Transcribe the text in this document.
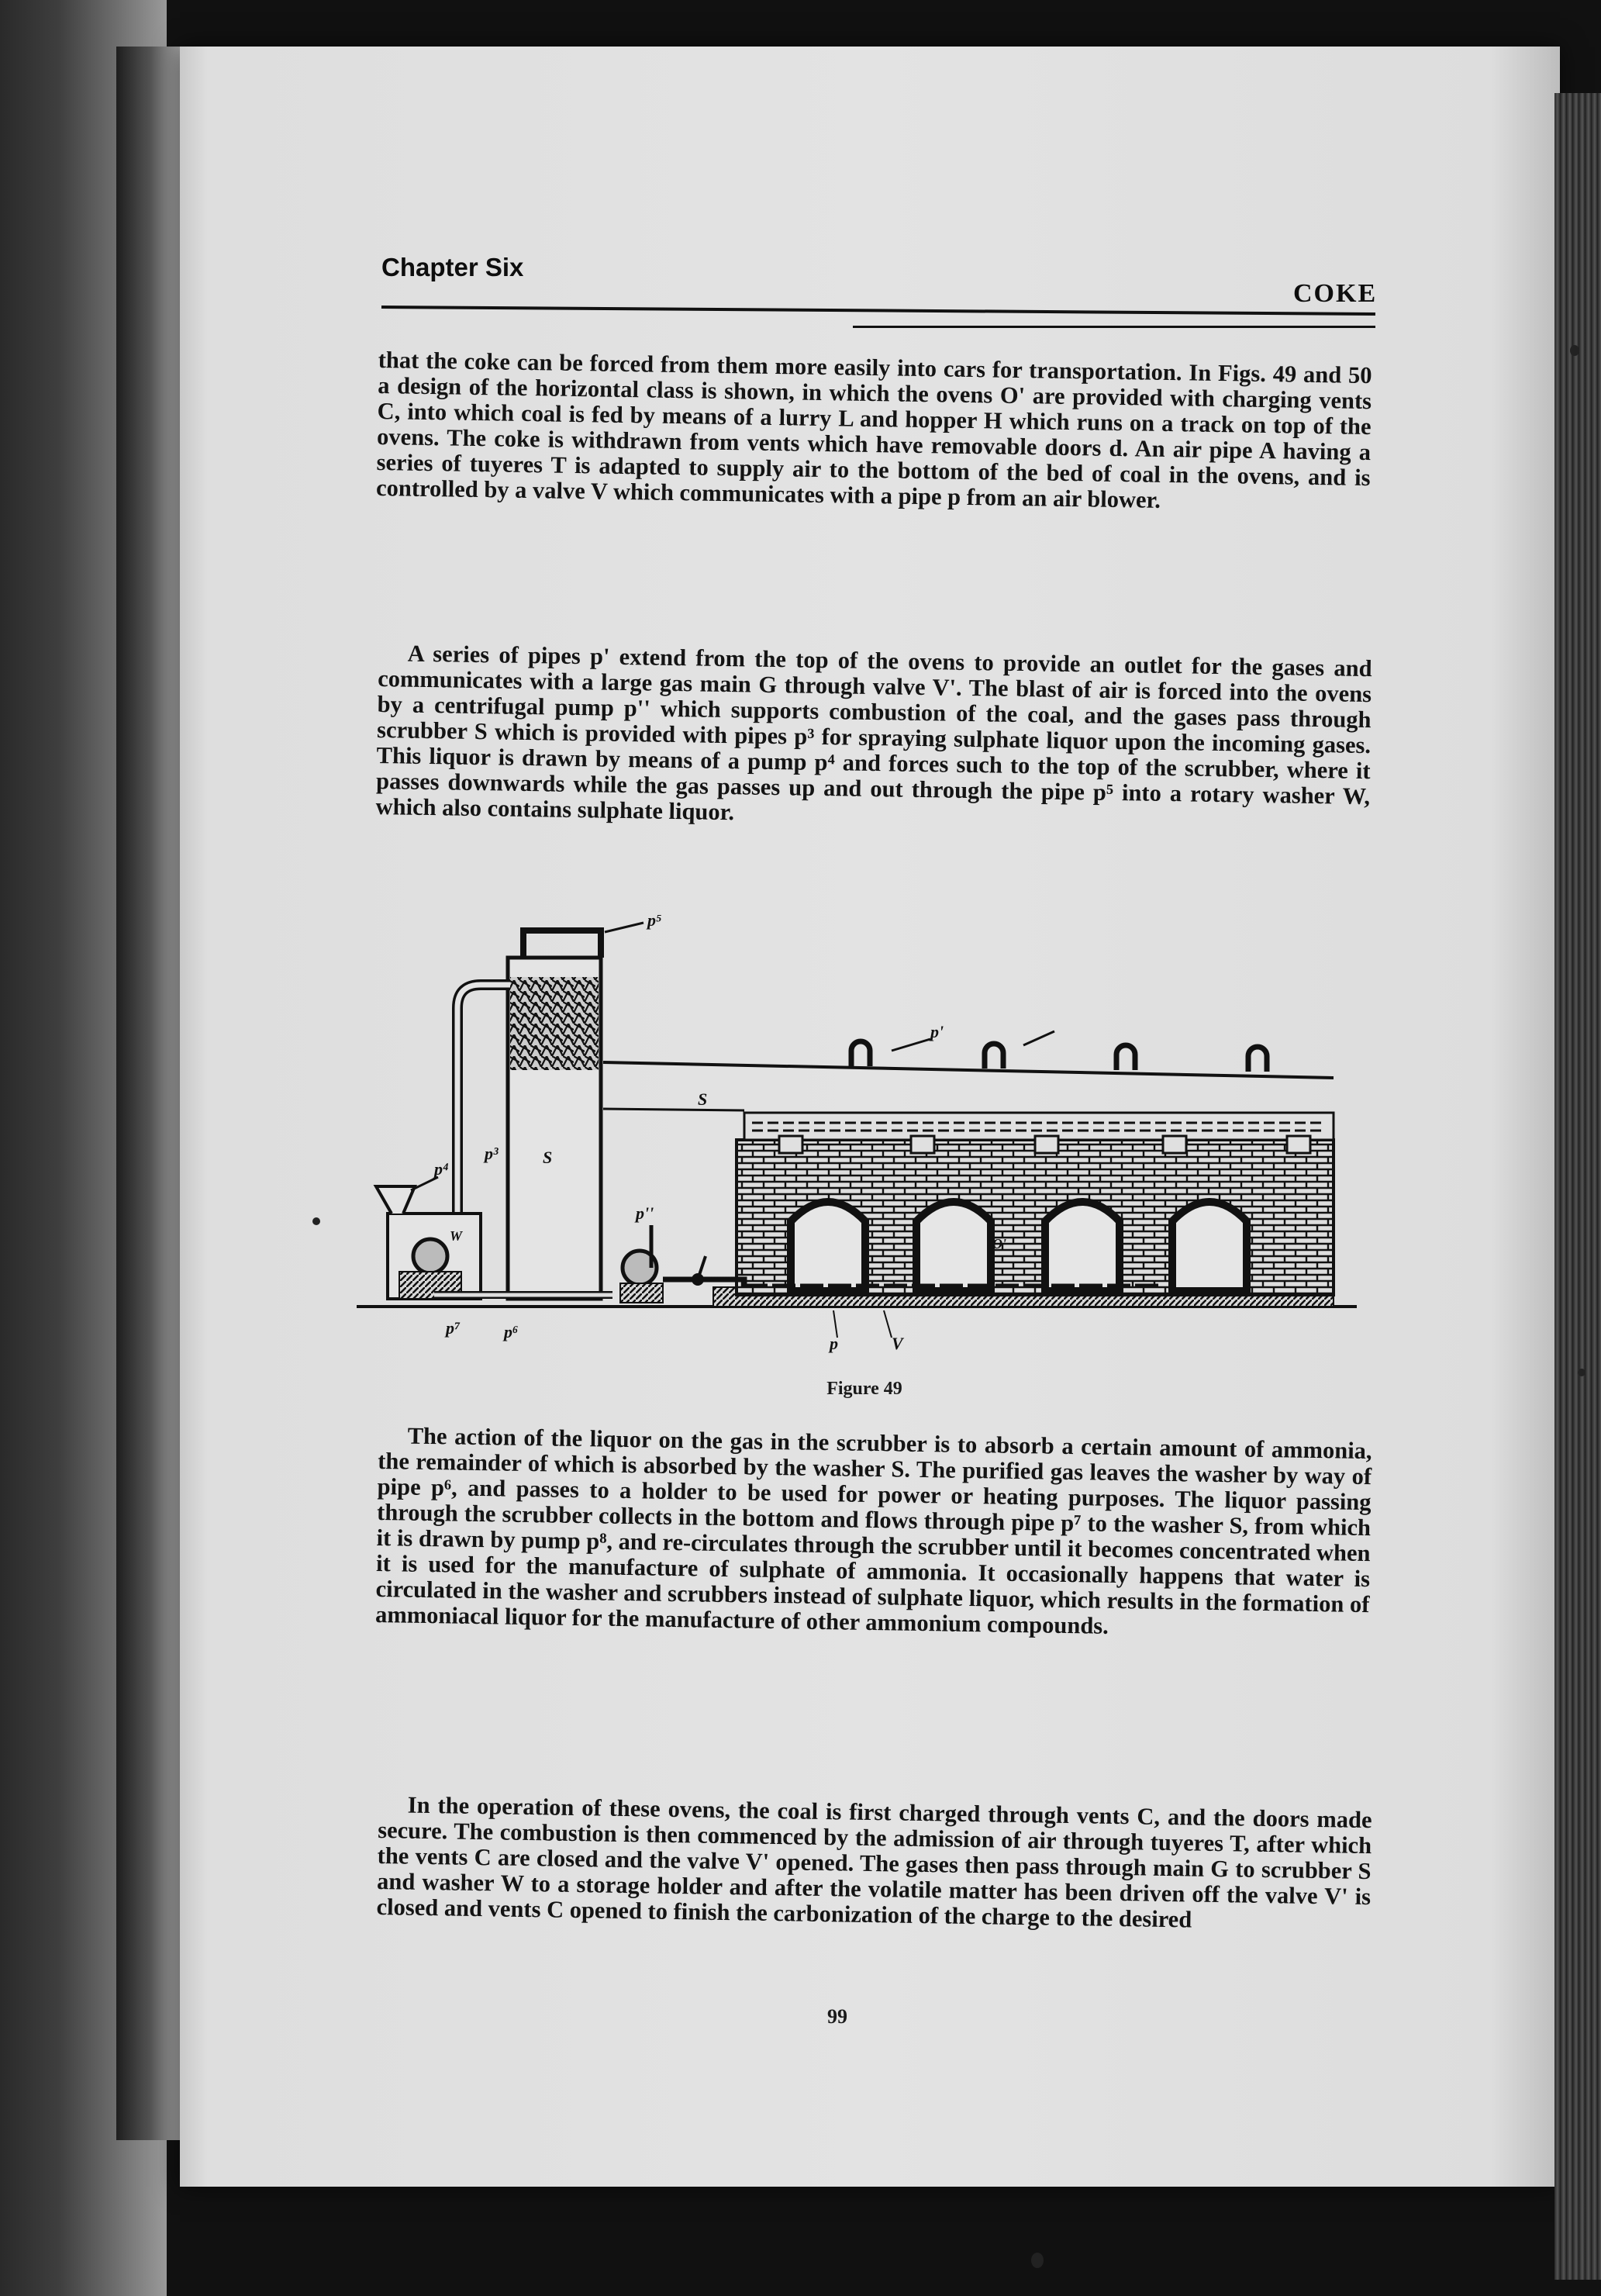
Chapter Six
COKE

that the coke can be forced from them more easily into cars for transportation. In Figs. 49 and 50 a design of the horizontal class is shown, in which the ovens O' are provided with charging vents C, into which coal is fed by means of a lurry L and hopper H which runs on a track on top of the ovens. The coke is withdrawn from vents which have removable doors d. An air pipe A having a series of tuyeres T is adapted to supply air to the bottom of the bed of coal in the ovens, and is controlled by a valve V which communicates with a pipe p from an air blower.

A series of pipes p' extend from the top of the ovens to provide an outlet for the gases and communicates with a large gas main G through valve V'. The blast of air is forced into the ovens by a centrifugal pump p'' which supports combustion of the coal, and the gases pass through scrubber S which is provided with pipes p³ for spraying sulphate liquor upon the incoming gases. This liquor is drawn by means of a pump p⁴ and forces such to the top of the scrubber, where it passes downwards while the gas passes up and out through the pipe p⁵ into a rotary washer W, which also contains sulphate liquor.

p⁵
S
S
p³
p⁴
W
p⁷	p⁶
p'
V
p
O'
p''
Figure 49

The action of the liquor on the gas in the scrubber is to absorb a certain amount of ammonia, the remainder of which is absorbed by the washer S. The purified gas leaves the washer by way of pipe p⁶, and passes to a holder to be used for power or heating purposes. The liquor passing through the scrubber collects in the bottom and flows through pipe p⁷ to the washer S, from which it is drawn by pump p⁸, and re-circulates through the scrubber until it becomes concentrated when it is used for the manufacture of sulphate of ammonia. It occasionally happens that water is circulated in the washer and scrubbers instead of sulphate liquor, which results in the formation of ammoniacal liquor for the manufacture of other ammonium compounds.

In the operation of these ovens, the coal is first charged through vents C, and the doors made secure. The combustion is then commenced by the admission of air through tuyeres T, after which the vents C are closed and the valve V' opened. The gases then pass through main G to scrubber S and washer W to a storage holder and after the volatile matter has been driven off the valve V' is closed and vents C opened to finish the carbonization of the charge to the desired

99
